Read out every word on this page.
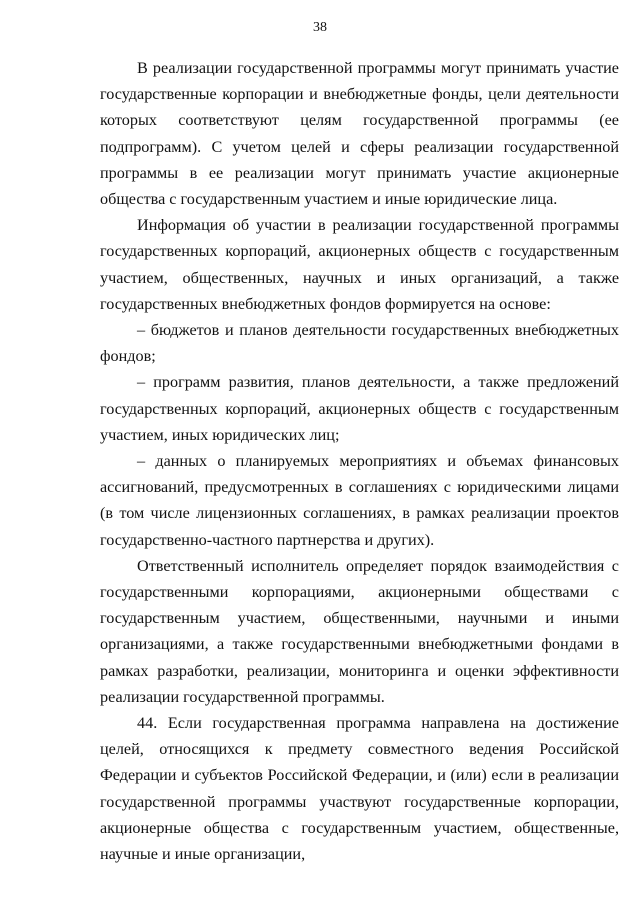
38

В реализации государственной программы могут принимать участие государственные корпорации и внебюджетные фонды, цели деятельности которых соответствуют целям государственной программы (ее подпрограмм). С учетом целей и сферы реализации государственной программы в ее реализации могут принимать участие акционерные общества с государственным участием и иные юридические лица.

Информация об участии в реализации государственной программы государственных корпораций, акционерных обществ с государственным участием, общественных, научных и иных организаций, а также государственных внебюджетных фондов формируется на основе:

– бюджетов и планов деятельности государственных внебюджетных фондов;

– программ развития, планов деятельности, а также предложений государственных корпораций, акционерных обществ с государственным участием, иных юридических лиц;

– данных о планируемых мероприятиях и объемах финансовых ассигнований, предусмотренных в соглашениях с юридическими лицами (в том числе лицензионных соглашениях, в рамках реализации проектов государственно-частного партнерства и других).

Ответственный исполнитель определяет порядок взаимодействия с государственными корпорациями, акционерными обществами с государственным участием, общественными, научными и иными организациями, а также государственными внебюджетными фондами в рамках разработки, реализации, мониторинга и оценки эффективности реализации государственной программы.

44. Если государственная программа направлена на достижение целей, относящихся к предмету совместного ведения Российской Федерации и субъектов Российской Федерации, и (или) если в реализации государственной программы участвуют государственные корпорации, акционерные общества с государственным участием, общественные, научные и иные организации,
